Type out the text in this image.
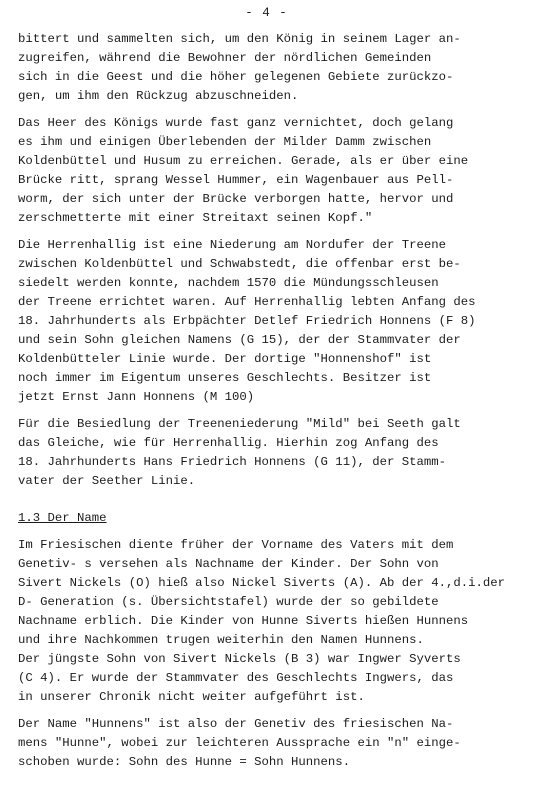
- 4 -
bittert und sammelten sich, um den König in seinem Lager an-
zugreifen, während die Bewohner der nördlichen Gemeinden
sich in die Geest und die höher gelegenen Gebiete zurückzo-
gen, um ihm den Rückzug abzuschneiden.
Das Heer des Königs wurde fast ganz vernichtet, doch gelang
es ihm und einigen Überlebenden der Milder Damm zwischen
Koldenbüttel und Husum zu erreichen. Gerade, als er über eine
Brücke ritt, sprang Wessel Hummer, ein Wagenbauer aus Pell-
worm, der sich unter der Brücke verborgen hatte, hervor und
zerschmetterte mit einer Streitaxt seinen Kopf."
Die Herrenhallig ist eine Niederung am Nordufer der Treene
zwischen Koldenbüttel und Schwabstedt, die offenbar erst be-
siedelt werden konnte, nachdem 1570 die Mündungsschleusen
der Treene errichtet waren. Auf Herrenhallig lebten Anfang des
18. Jahrhunderts als Erbpächter Detlef Friedrich Honnens (F 8)
und sein Sohn gleichen Namens (G 15), der der Stammvater der
Koldenbütteler Linie wurde. Der dortige "Honnenshof" ist
noch immer im Eigentum unseres Geschlechts. Besitzer ist
jetzt Ernst Jann Honnens (M 100)
Für die Besiedlung der Treeneniederung "Mild" bei Seeth galt
das Gleiche, wie für Herrenhallig. Hierhin zog Anfang des
18. Jahrhunderts Hans Friedrich Honnens (G 11), der Stamm-
vater der Seether Linie.
1.3 Der Name
Im Friesischen diente früher der Vorname des Vaters mit dem
Genetiv- s versehen als Nachname der Kinder. Der Sohn von
Sivert Nickels (O) hieß also Nickel Siverts (A). Ab der 4.,d.i.der
D- Generation (s. Übersichtstafel) wurde der so gebildete
Nachname erblich. Die Kinder von Hunne Siverts hießen Hunnens
und ihre Nachkommen trugen weiterhin den Namen Hunnens.
Der jüngste Sohn von Sivert Nickels (B 3) war Ingwer Syverts
(C 4). Er wurde der Stammvater des Geschlechts Ingwers, das
in unserer Chronik nicht weiter aufgeführt ist.
Der Name "Hunnens" ist also der Genetiv des friesischen Na-
mens "Hunne", wobei zur leichteren Aussprache ein "n" einge-
schoben wurde: Sohn des Hunne = Sohn Hunnens.
